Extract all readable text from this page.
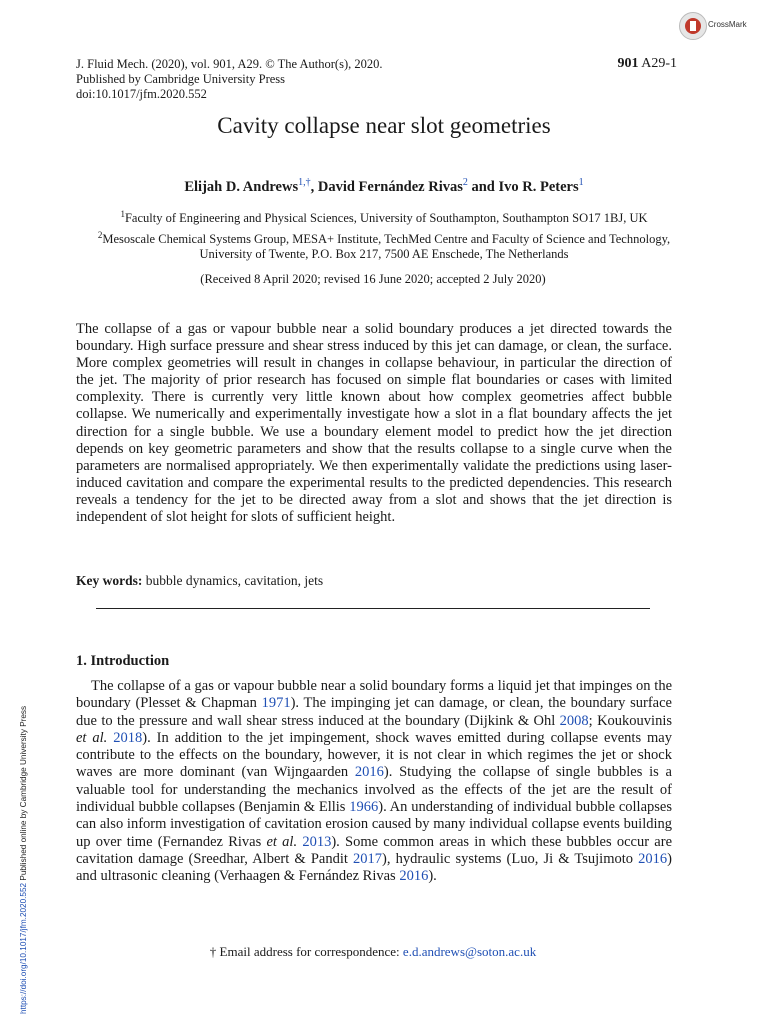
CrossMark
J. Fluid Mech. (2020), vol. 901, A29. © The Author(s), 2020.
Published by Cambridge University Press
doi:10.1017/jfm.2020.552
901 A29-1
Cavity collapse near slot geometries
Elijah D. Andrews$^{1,\dagger}$, David Fernández Rivas$^2$ and Ivo R. Peters$^1$
$^1$Faculty of Engineering and Physical Sciences, University of Southampton, Southampton SO17 1BJ, UK
$^2$Mesoscale Chemical Systems Group, MESA+ Institute, TechMed Centre and Faculty of Science and Technology, University of Twente, P.O. Box 217, 7500 AE Enschede, The Netherlands
(Received 8 April 2020; revised 16 June 2020; accepted 2 July 2020)
The collapse of a gas or vapour bubble near a solid boundary produces a jet directed towards the boundary. High surface pressure and shear stress induced by this jet can damage, or clean, the surface. More complex geometries will result in changes in collapse behaviour, in particular the direction of the jet. The majority of prior research has focused on simple flat boundaries or cases with limited complexity. There is currently very little known about how complex geometries affect bubble collapse. We numerically and experimentally investigate how a slot in a flat boundary affects the jet direction for a single bubble. We use a boundary element model to predict how the jet direction depends on key geometric parameters and show that the results collapse to a single curve when the parameters are normalised appropriately. We then experimentally validate the predictions using laser-induced cavitation and compare the experimental results to the predicted dependencies. This research reveals a tendency for the jet to be directed away from a slot and shows that the jet direction is independent of slot height for slots of sufficient height.
Key words: bubble dynamics, cavitation, jets
1. Introduction
The collapse of a gas or vapour bubble near a solid boundary forms a liquid jet that impinges on the boundary (Plesset & Chapman 1971). The impinging jet can damage, or clean, the boundary surface due to the pressure and wall shear stress induced at the boundary (Dijkink & Ohl 2008; Koukouvinis et al. 2018). In addition to the jet impingement, shock waves emitted during collapse events may contribute to the effects on the boundary, however, it is not clear in which regimes the jet or shock waves are more dominant (van Wijngaarden 2016). Studying the collapse of single bubbles is a valuable tool for understanding the mechanics involved as the effects of the jet are the result of individual bubble collapses (Benjamin & Ellis 1966). An understanding of individual bubble collapses can also inform investigation of cavitation erosion caused by many individual collapse events building up over time (Fernandez Rivas et al. 2013). Some common areas in which these bubbles occur are cavitation damage (Sreedhar, Albert & Pandit 2017), hydraulic systems (Luo, Ji & Tsujimoto 2016) and ultrasonic cleaning (Verhaagen & Fernández Rivas 2016).
† Email address for correspondence: e.d.andrews@soton.ac.uk
https://doi.org/10.1017/jfm.2020.552 Published online by Cambridge University Press
